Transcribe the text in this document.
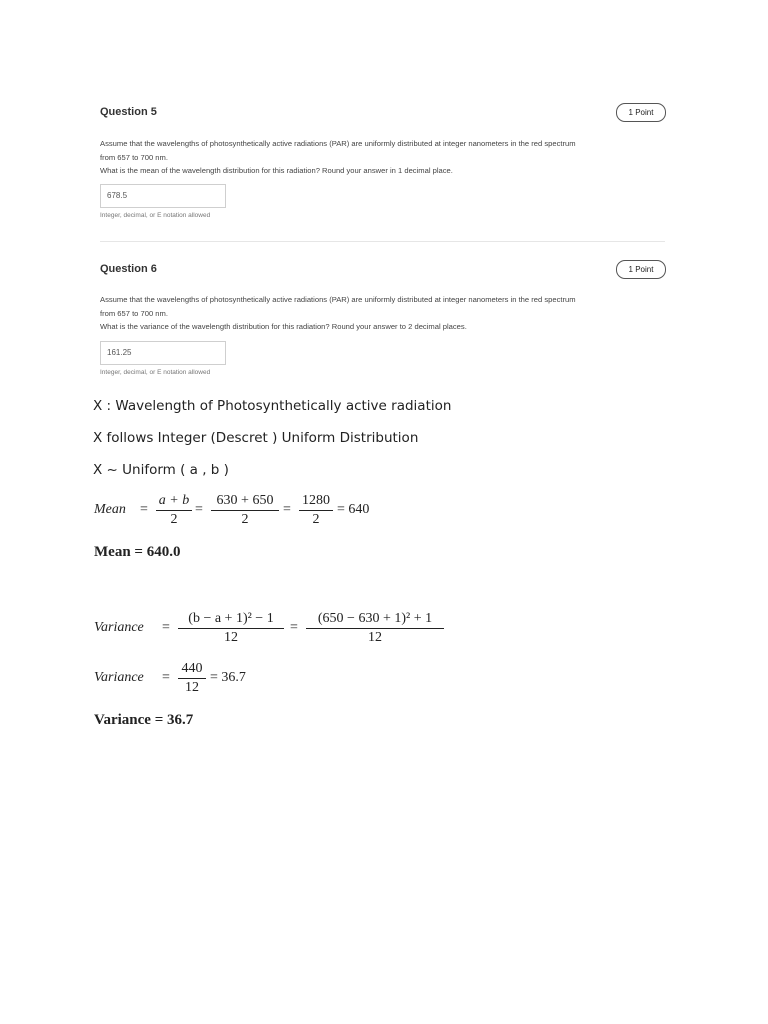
Question 5	1 Point

Assume that the wavelengths of photosynthetically active radiations (PAR) are uniformly distributed at integer nanometers in the red spectrum

from 657 to 700 nm.

What is the mean of the wavelength distribution for this radiation? Round your answer in 1 decimal place.

678.5
Integer, decimal, or E notation allowed
Question 6	1 Point

Assume that the wavelengths of photosynthetically active radiations (PAR) are uniformly distributed at integer nanometers in the red spectrum

from 657 to 700 nm.

What is the variance of the wavelength distribution for this radiation? Round your answer to 2 decimal places.

161.25
Integer, decimal, or E notation allowed
X : Wavelength of Photosynthetically active radiation
X follows Integer (Descret ) Uniform Distribution
X ~ Uniform ( a , b )
Mean =
a + b
2
=
630 + 650
2
=
1280
2
= 640
Mean = 640.0
Variance =
(b − a + 1)² − 1
12
=
(650 − 630 + 1)² + 1
12
Variance =
440
12
= 36.7
Variance = 36.7
